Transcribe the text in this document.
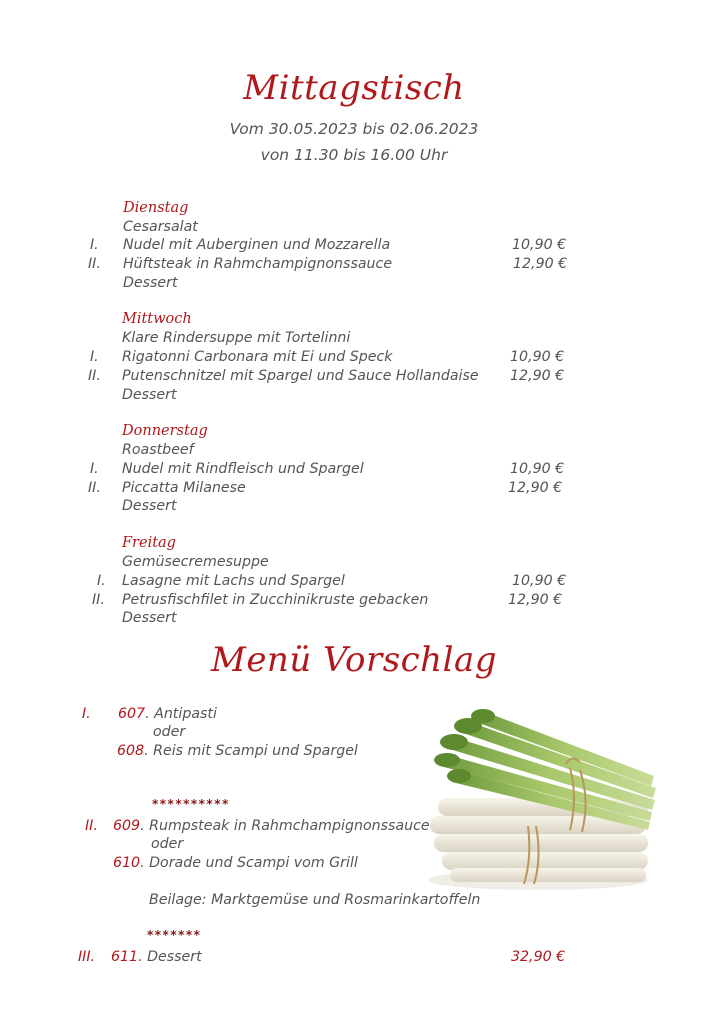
Mittagstisch
Vom 30.05.2023 bis 02.06.2023
von 11.30 bis 16.00 Uhr
Dienstag
Cesarsalat
I. Nudel mit Auberginen und Mozzarella	10,90 €
II. Hüftsteak in Rahmchampignonssauce	12,90 €
Dessert
Mittwoch
Klare Rindersuppe mit Tortelinni
I. Rigatonni Carbonara mit Ei und Speck	10,90 €
II. Putenschnitzel mit Spargel und Sauce Hollandaise 12,90 €
Dessert
Donnerstag
Roastbeef
I. Nudel mit Rindfleisch und Spargel	10,90 €
II. Piccatta Milanese	12,90 €
Dessert
Freitag
Gemüsecremesuppe
I. Lasagne mit Lachs und Spargel	10,90 €
II. Petrusfischfilet in Zucchinikruste gebacken	12,90 €
Dessert
Menü Vorschlag
I. 607. Antipasti
oder
608. Reis mit Scampi und Spargel
**********
II. 609. Rumpsteak in Rahmchampignonssauce
oder
610. Dorade und Scampi vom Grill
Beilage: Marktgemüse und Rosmarinkartoffeln
*******
III. 611. Dessert	32,90 €
